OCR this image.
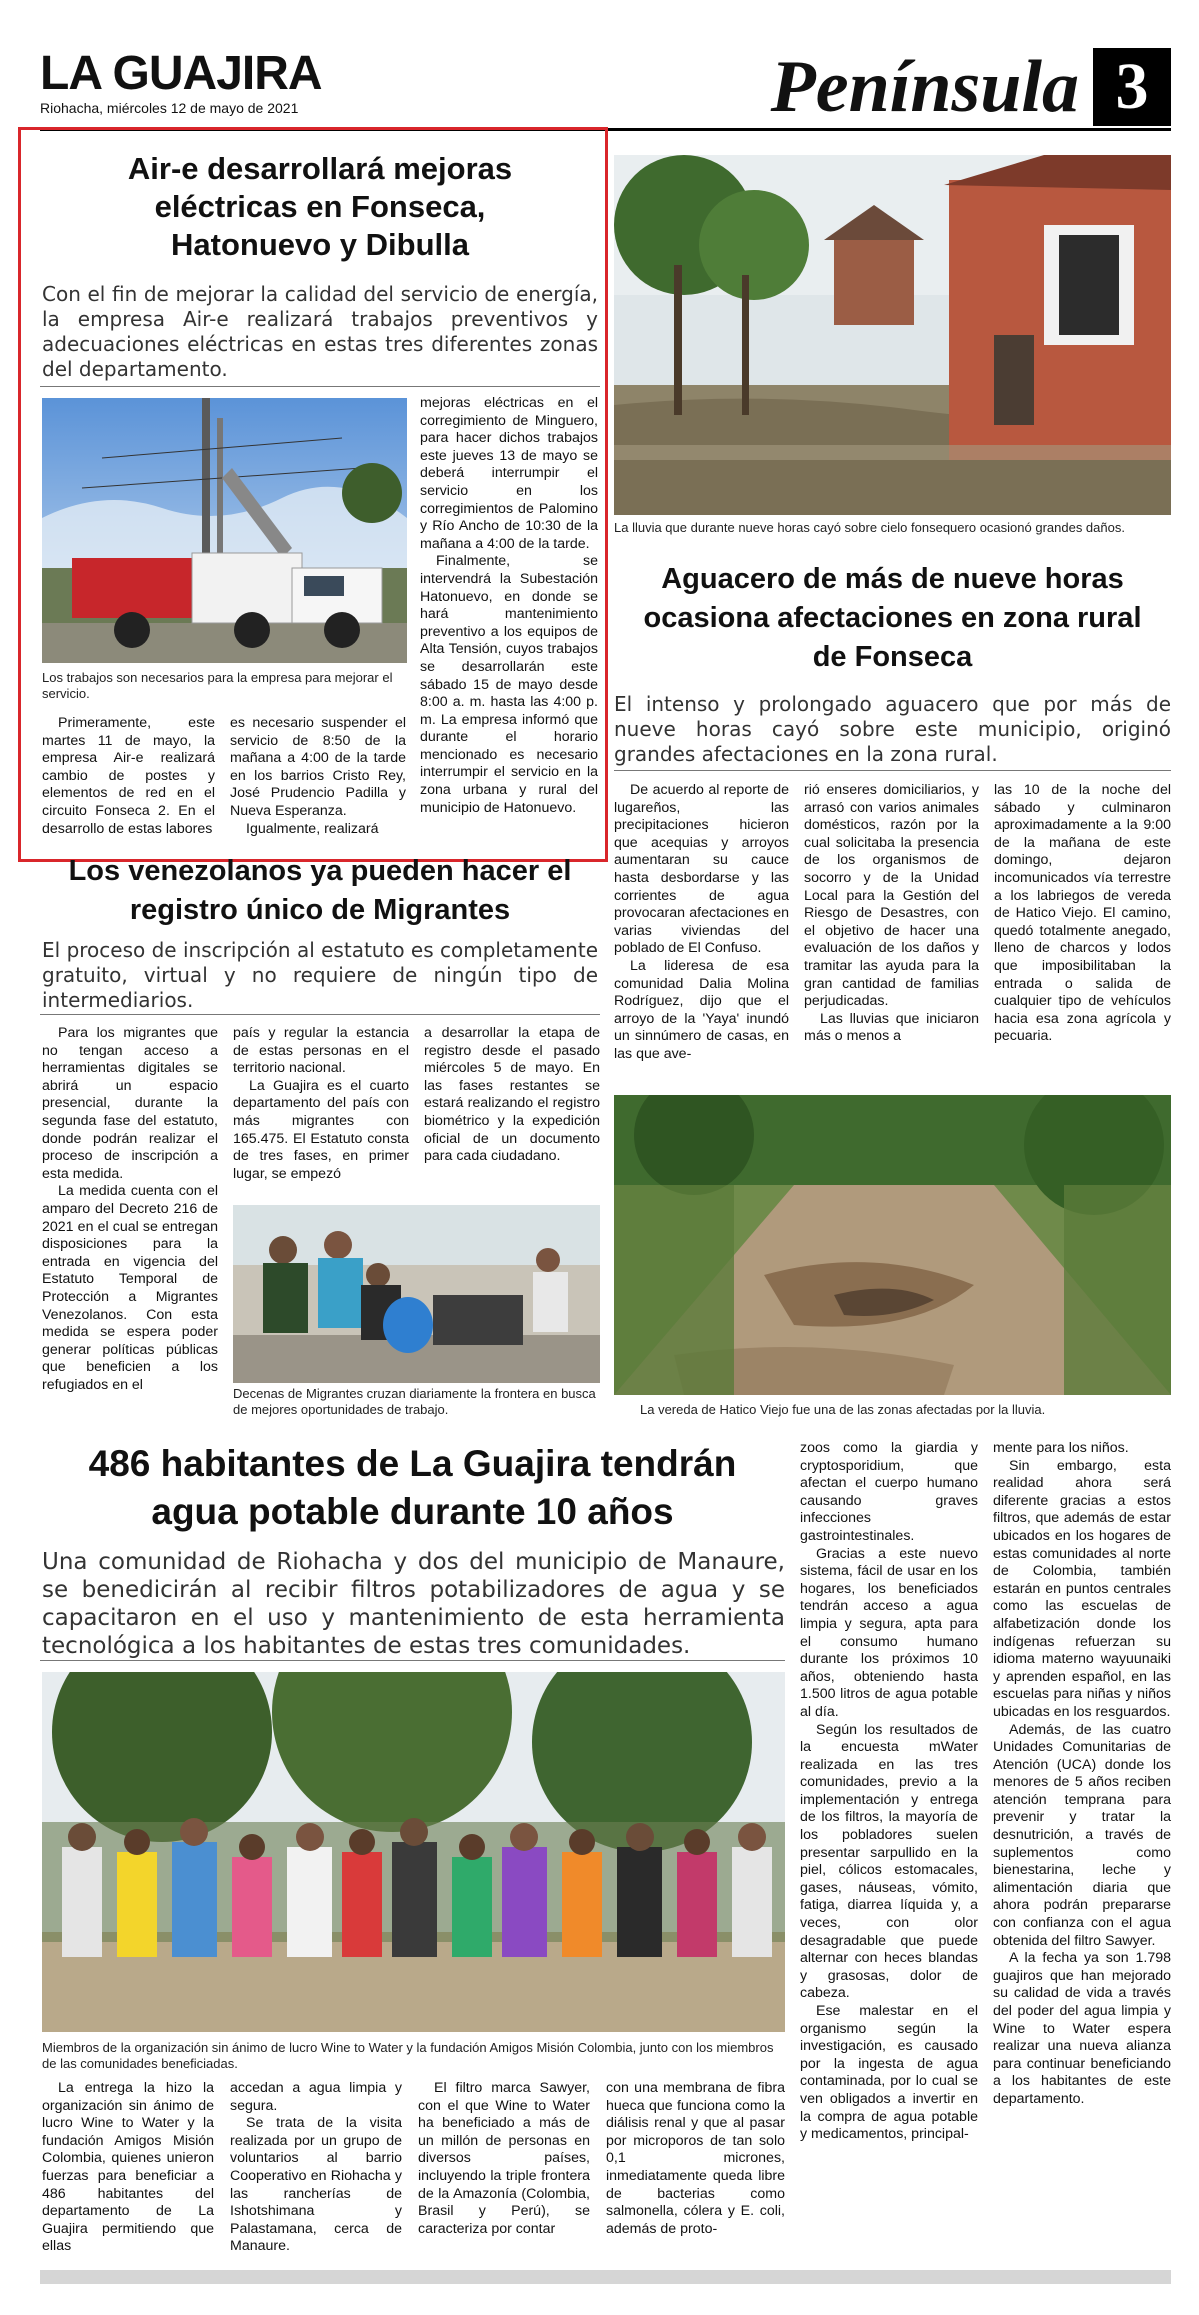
LA GUAJIRA
Riohacha, miércoles 12 de mayo de 2021	Península 3
Air-e desarrollará mejoras
eléctricas en Fonseca,
Hatonuevo y Dibulla
Con el fin de mejorar la calidad del servicio de energía, la empresa Air-e realizará trabajos preventivos y adecuaciones eléctricas en estas tres diferentes zonas del departamento.
Los trabajos son necesarios para la empresa para mejorar el servicio.

mejoras eléctricas en el corregimiento de Minguero, para hacer dichos trabajos este jueves 13 de mayo se deberá interrumpir el servicio en los corregimientos de Palomino y Río Ancho de 10:30 de la mañana a 4:00 de la tarde.

Finalmente, se intervendrá la Subestación Hatonuevo, en donde se hará mantenimiento preventivo a los equipos de Alta Tensión, cuyos trabajos se desarrollarán este sábado 15 de mayo desde 8:00 a. m. hasta las 4:00 p. m. La empresa informó que durante el horario mencionado es necesario interrumpir el servicio en la zona urbana y rural del municipio de Hatonuevo.

Primeramente, este martes 11 de mayo, la empresa Air-e realizará cambio de postes y elementos de red en el circuito Fonseca 2. En el desarrollo de estas labores

es necesario suspender el servicio de 8:50 de la mañana a 4:00 de la tarde en los barrios Cristo Rey, José Prudencio Padilla y Nueva Esperanza.

Igualmente, realizará

La lluvia que durante nueve horas cayó sobre cielo fonsequero ocasionó grandes daños.
Aguacero de más de nueve horas
ocasiona afectaciones en zona rural
de Fonseca
El intenso y prolongado aguacero que por más de nueve horas cayó sobre este municipio, originó grandes afectaciones en la zona rural.

De acuerdo al reporte de lugareños, las precipitaciones hicieron que acequias y arroyos aumentaran su cauce hasta desbordarse y las corrientes de agua provocaran afectaciones en varias viviendas del poblado de El Confuso.

La lideresa de esa comunidad Dalia Molina Rodríguez, dijo que el arroyo de la 'Yaya' inundó un sinnúmero de casas, en las que ave-

rió enseres domiciliarios, y arrasó con varios animales domésticos, razón por la cual solicitaba la presencia de los organismos de socorro y de la Unidad Local para la Gestión del Riesgo de Desastres, con el objetivo de hacer una evaluación de los daños y tramitar las ayuda para la gran cantidad de familias perjudicadas.

Las lluvias que iniciaron más o menos a

las 10 de la noche del sábado y culminaron aproximadamente a la 9:00 de la mañana de este domingo, dejaron incomunicados vía terrestre a los labriegos de vereda de Hatico Viejo. El camino, quedó totalmente anegado, lleno de charcos y lodos que imposibilitaban la entrada o salida de cualquier tipo de vehículos hacia esa zona agrícola y pecuaria.

La vereda de Hatico Viejo fue una de las zonas afectadas por la lluvia.
Los venezolanos ya pueden hacer el
registro único de Migrantes
El proceso de inscripción al estatuto es completamente gratuito, virtual y no requiere de ningún tipo de intermediarios.

Para los migrantes que no tengan acceso a herramientas digitales se abrirá un espacio presencial, durante la segunda fase del estatuto, donde podrán realizar el proceso de inscripción a esta medida.

La medida cuenta con el amparo del Decreto 216 de 2021 en el cual se entregan disposiciones para la entrada en vigencia del Estatuto Temporal de Protección a Migrantes Venezolanos. Con esta medida se espera poder generar políticas públicas que beneficien a los refugiados en el

país y regular la estancia de estas personas en el territorio nacional.

La Guajira es el cuarto departamento del país con más migrantes con 165.475. El Estatuto consta de tres fases, en primer lugar, se empezó

a desarrollar la etapa de registro desde el pasado miércoles 5 de mayo. En las fases restantes se estará realizando el registro biométrico y la expedición oficial de un documento para cada ciudadano.

Decenas de Migrantes cruzan diariamente la frontera en busca de mejores oportunidades de trabajo.
486 habitantes de La Guajira tendrán
agua potable durante 10 años
Una comunidad de Riohacha y dos del municipio de Manaure, se benedicirán al recibir filtros potabilizadores de agua y se capacitaron en el uso y mantenimiento de esta herramienta tecnológica a los habitantes de estas tres comunidades.
Miembros de la organización sin ánimo de lucro Wine to Water y la fundación Amigos Misión Colombia, junto con los miembros de las comunidades beneficiadas.

La entrega la hizo la organización sin ánimo de lucro Wine to Water y la fundación Amigos Misión Colombia, quienes unieron fuerzas para beneficiar a 486 habitantes del departamento de La Guajira permitiendo que ellas

accedan a agua limpia y segura.

Se trata de la visita realizada por un grupo de voluntarios al barrio Cooperativo en Riohacha y las rancherías de Ishotshimana y Palastamana, cerca de Manaure.

El filtro marca Sawyer, con el que Wine to Water ha beneficiado a más de un millón de personas en diversos países, incluyendo la triple frontera de la Amazonía (Colombia, Brasil y Perú), se caracteriza por contar

con una membrana de fibra hueca que funciona como la diálisis renal y que al pasar por microporos de tan solo 0,1 micrones, inmediatamente queda libre de bacterias como salmonella, cólera y E. coli, además de proto-

zoos como la giardia y cryptosporidium, que afectan el cuerpo humano causando graves infecciones gastrointestinales.

Gracias a este nuevo sistema, fácil de usar en los hogares, los beneficiados tendrán acceso a agua limpia y segura, apta para el consumo humano durante los próximos 10 años, obteniendo hasta 1.500 litros de agua potable al día.

Según los resultados de la encuesta mWater realizada en las tres comunidades, previo a la implementación y entrega de los filtros, la mayoría de los pobladores suelen presentar sarpullido en la piel, cólicos estomacales, gases, náuseas, vómito, fatiga, diarrea líquida y, a veces, con olor desagradable que puede alternar con heces blandas y grasosas, dolor de cabeza.

Ese malestar en el organismo según la investigación, es causado por la ingesta de agua contaminada, por lo cual se ven obligados a invertir en la compra de agua potable y medicamentos, principal-

mente para los niños.

Sin embargo, esta realidad ahora será diferente gracias a estos filtros, que además de estar ubicados en los hogares de estas comunidades al norte de Colombia, también estarán en puntos centrales como las escuelas de alfabetización donde los indígenas refuerzan su idioma materno wayuunaiki y aprenden español, en las escuelas para niñas y niños ubicadas en los resguardos.

Además, de las cuatro Unidades Comunitarias de Atención (UCA) donde los menores de 5 años reciben atención temprana para prevenir y tratar la desnutrición, a través de suplementos como bienestarina, leche y alimentación diaria que ahora podrán prepararse con confianza con el agua obtenida del filtro Sawyer.

A la fecha ya son 1.798 guajiros que han mejorado su calidad de vida a través del poder del agua limpia y Wine to Water espera realizar una nueva alianza para continuar beneficiando a los habitantes de este departamento.
